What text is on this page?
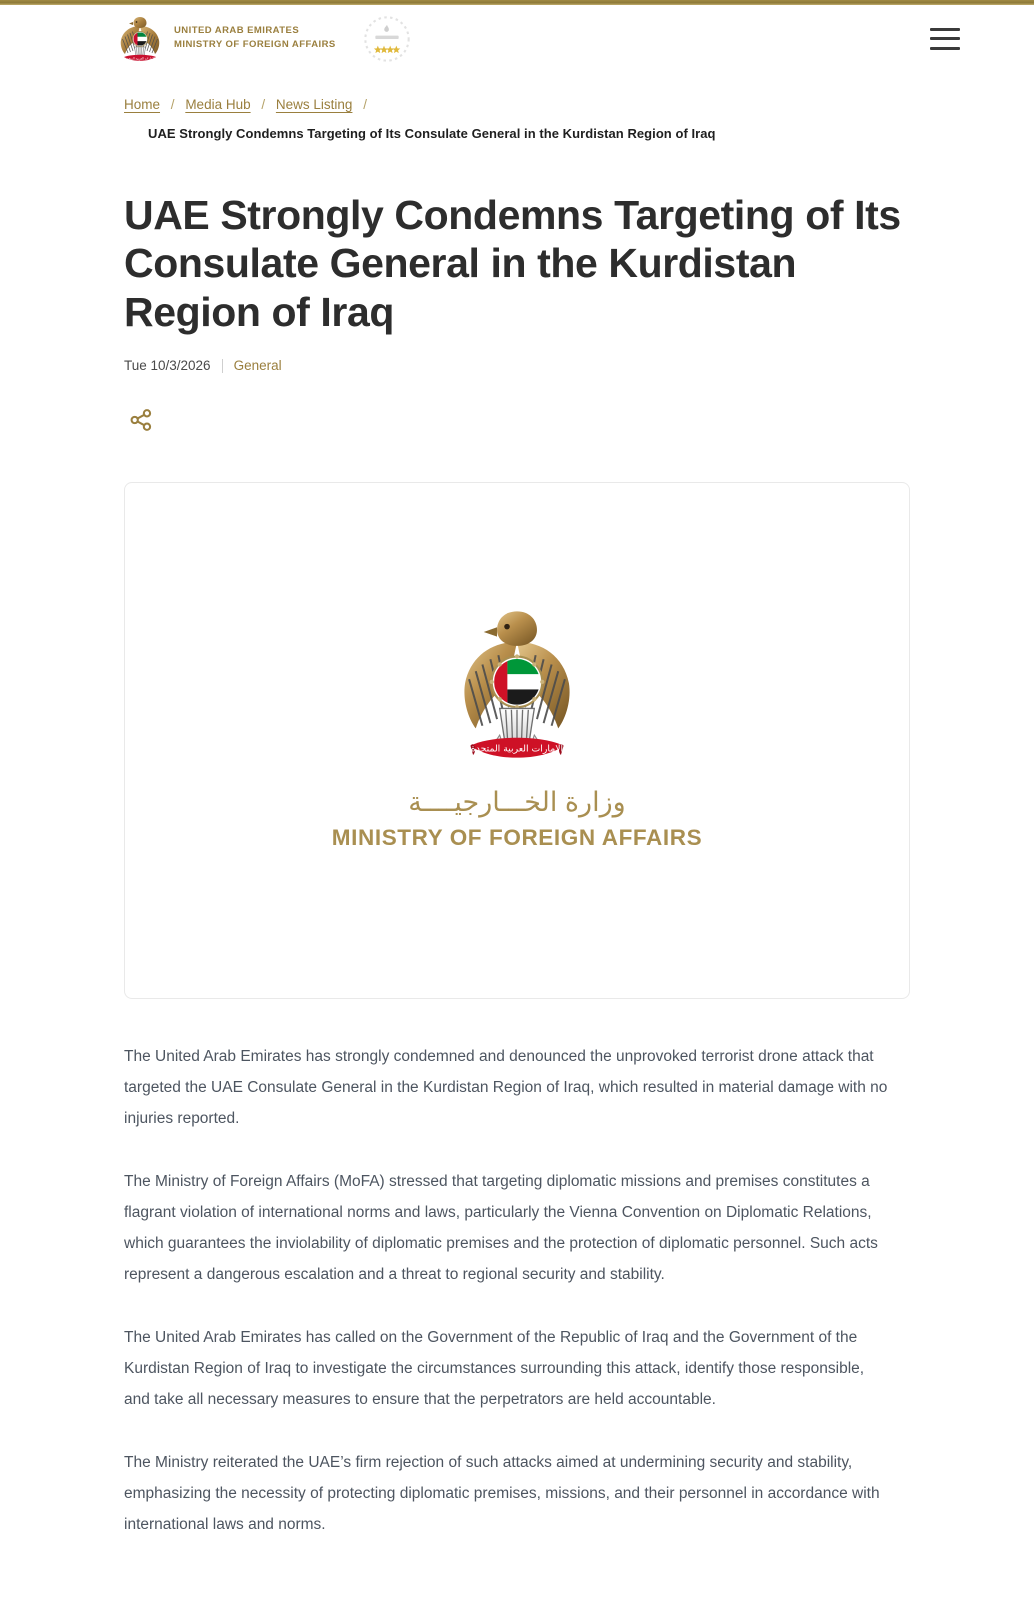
الإمارات العربية المتحدة
UNITED ARAB EMIRATES
MINISTRY OF FOREIGN AFFAIRS
Home / Media Hub / News Listing /
UAE Strongly Condemns Targeting of Its Consulate General in the Kurdistan Region of Iraq
UAE Strongly Condemns Targeting of Its Consulate General in the Kurdistan Region of Iraq
Tue 10/3/2026 General
الإمارات العربية المتحدة
وزارة الخـــارجيــــة
MINISTRY OF FOREIGN AFFAIRS

The United Arab Emirates has strongly condemned and denounced the unprovoked terrorist drone attack that targeted the UAE Consulate General in the Kurdistan Region of Iraq, which resulted in material damage with no injuries reported.

The Ministry of Foreign Affairs (MoFA) stressed that targeting diplomatic missions and premises constitutes a flagrant violation of international norms and laws, particularly the Vienna Convention on Diplomatic Relations, which guarantees the inviolability of diplomatic premises and the protection of diplomatic personnel. Such acts represent a dangerous escalation and a threat to regional security and stability.

The United Arab Emirates has called on the Government of the Republic of Iraq and the Government of the Kurdistan Region of Iraq to investigate the circumstances surrounding this attack, identify those responsible, and take all necessary measures to ensure that the perpetrators are held accountable.

The Ministry reiterated the UAE’s firm rejection of such attacks aimed at undermining security and stability, emphasizing the necessity of protecting diplomatic premises, missions, and their personnel in accordance with international laws and norms.
